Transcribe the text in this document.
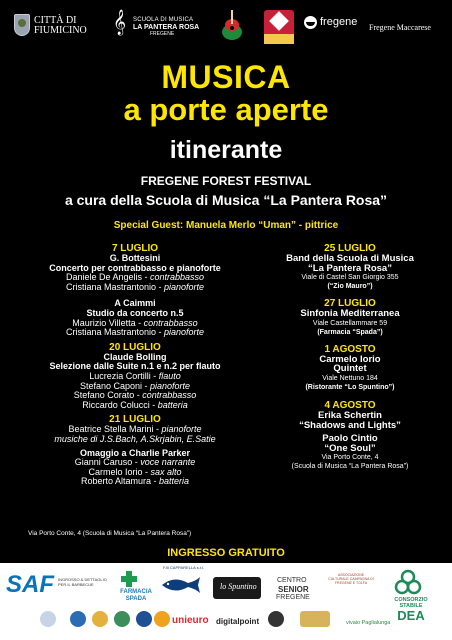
CITTÀ DI
FIUMICINO 𝄞 SCUOLA DI MUSICA
LA PANTERA ROSA
FREGENE
fregene Fregene Maccarese
MUSICA
a porte aperte
itinerante
FREGENE FOREST FESTIVAL
a cura della Scuola di Musica “La Pantera Rosa”
Special Guest: Manuela Merlo “Uman” - pittrice
7 LUGLIO
G. Bottesini
Concerto per contrabbasso e pianoforte
Daniele De Angelis - contrabbasso
Cristiana Mastrantonio - pianoforte
A Caimmi
Studio da concerto n.5
Maurizio Villetta - contrabbasso
Cristiana Mastrantonio - pianoforte
20 LUGLIO
Claude Bolling
Selezione dalle Suite n.1 e n.2 per flauto
Lucrezia Cortilli - flauto
Stefano Caponi - pianoforte
Stefano Corato - contrabbasso
Riccardo Colucci - batteria
21 LUGLIO
Beatrice Stella Marini - pianoforte
musiche di J.S.Bach, A.Skrjabin, E.Satie
Omaggio a Charlie Parker
Gianni Caruso - voce narrante
Carmelo Iorio - sax alto
Roberto Altamura - batteria
Via Porto Conte, 4 (Scuola di Musica “La Pantera Rosa”)
25 LUGLIO
Band della Scuola di Musica
“La Pantera Rosa”
Viale di Castel San Giorgio 355
(“Zio Mauro”)
27 LUGLIO
Sinfonia Mediterranea
Viale Castellammare 59
(Farmacia “Spada”)
1 AGOSTO
Carmelo Iorio
Quintet
Viale Nettuno 184
(Ristorante “Lo Spuntino”)
4 AGOSTO
Erika Schertin
“Shadows and Lights”
Paolo Cintio
“One Soul”
Via Porto Conte, 4
(Scuola di Musica “La Pantera Rosa”)
INGRESSO GRATUITO
SAF INGROSSO & DETTAGLIO PER IL BARBECUE
FARMACIA
SPADA
F.lli CAPPARELLA s.r.l.
lo Spuntino
CENTRO
SENIOR
FREGENE
ASSOCIAZIONE CULTURALE CAMPAGNA DI FREGENE E TOLFA
CONSORZIO
STABILE
DEA
unieuro digitalpoint	vivaio Paglialunga
